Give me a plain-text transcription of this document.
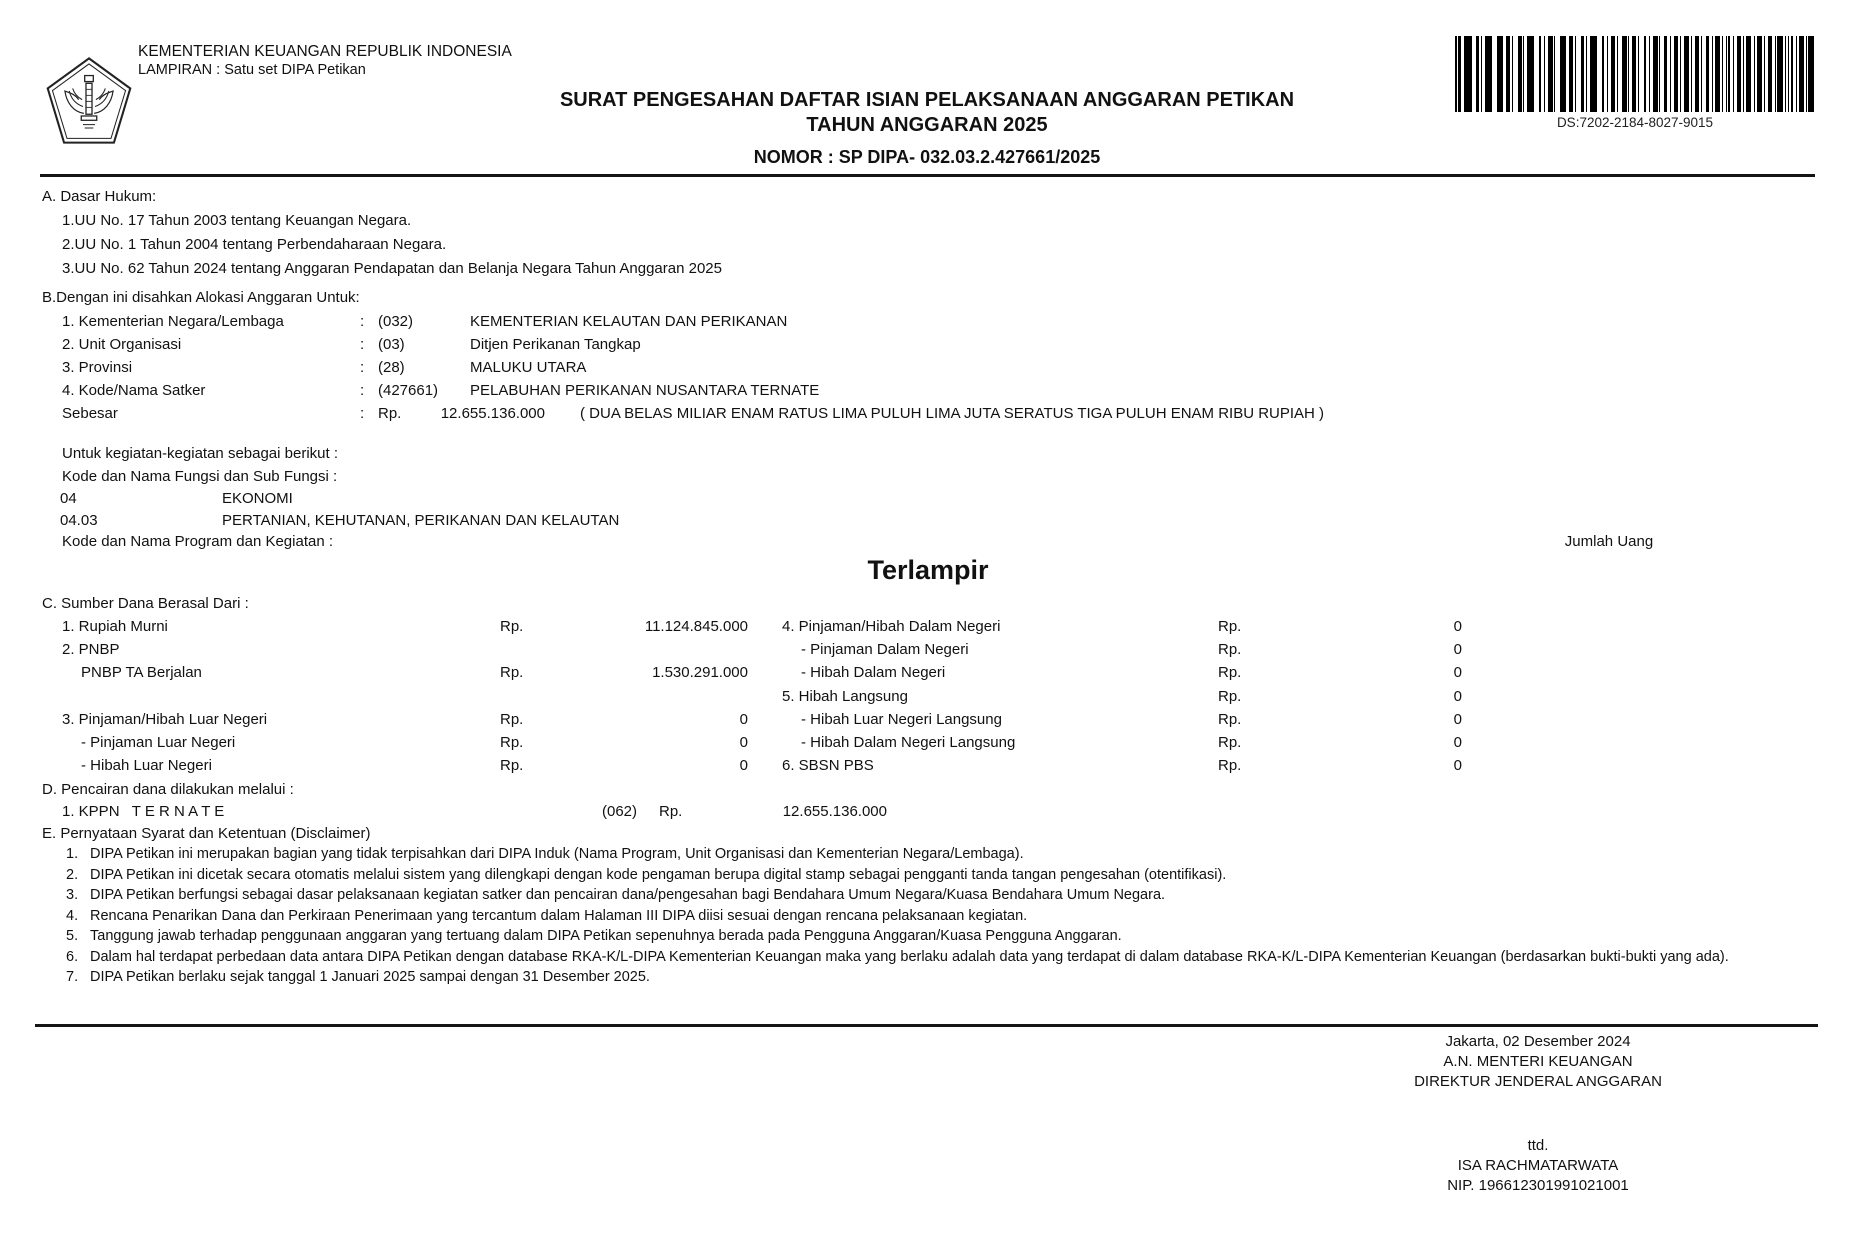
KEMENTERIAN KEUANGAN REPUBLIK INDONESIA
LAMPIRAN : Satu set DIPA Petikan
SURAT PENGESAHAN DAFTAR ISIAN PELAKSANAAN ANGGARAN PETIKAN
TAHUN ANGGARAN 2025
NOMOR : SP DIPA- 032.03.2.427661/2025
DS:7202-2184-8027-9015
A. Dasar Hukum:
1.UU No. 17 Tahun 2003 tentang Keuangan Negara.
2.UU No. 1 Tahun 2004 tentang Perbendaharaan Negara.
3.UU No. 62 Tahun 2024 tentang Anggaran Pendapatan dan Belanja Negara Tahun Anggaran 2025
B.Dengan ini disahkan Alokasi Anggaran Untuk:
1. Kementerian Negara/Lembaga	: (032)	KEMENTERIAN KELAUTAN DAN PERIKANAN
2. Unit Organisasi	: (03)	Ditjen Perikanan Tangkap
3. Provinsi	: (28)	MALUKU UTARA
4. Kode/Nama Satker	: (427661)	PELABUHAN PERIKANAN NUSANTARA TERNATE
Sebesar	: Rp.	12.655.136.000 ( DUA BELAS MILIAR ENAM RATUS LIMA PULUH LIMA JUTA SERATUS TIGA PULUH ENAM RIBU RUPIAH )
Untuk kegiatan-kegiatan sebagai berikut :
Kode dan Nama Fungsi dan Sub Fungsi :
04	EKONOMI
04.03	PERTANIAN, KEHUTANAN, PERIKANAN DAN KELAUTAN
Kode dan Nama Program dan Kegiatan :	Jumlah Uang
Terlampir
C. Sumber Dana Berasal Dari :
1. Rupiah Murni	Rp.	11.124.845.000 4. Pinjaman/Hibah Dalam Negeri	Rp.	0
2. PNBP	- Pinjaman Dalam Negeri	Rp.	0
PNBP TA Berjalan	Rp.	1.530.291.000	- Hibah Dalam Negeri	Rp.	0
5. Hibah Langsung	Rp.	0
3. Pinjaman/Hibah Luar Negeri	Rp.	0	- Hibah Luar Negeri Langsung	Rp.	0
- Pinjaman Luar Negeri	Rp.	0	- Hibah Dalam Negeri Langsung	Rp.	0
- Hibah Luar Negeri	Rp.	0 6. SBSN PBS	Rp.	0
D. Pencairan dana dilakukan melalui :
1. KPPN   T E R N A T E	(062)	Rp.	12.655.136.000
E. Pernyataan Syarat dan Ketentuan (Disclaimer)
1. DIPA Petikan ini merupakan bagian yang tidak terpisahkan dari DIPA Induk (Nama Program, Unit Organisasi dan Kementerian Negara/Lembaga).
2. DIPA Petikan ini dicetak secara otomatis melalui sistem yang dilengkapi dengan kode pengaman berupa digital stamp sebagai pengganti tanda tangan pengesahan (otentifikasi).
3. DIPA Petikan berfungsi sebagai dasar pelaksanaan kegiatan satker dan pencairan dana/pengesahan bagi Bendahara Umum Negara/Kuasa Bendahara Umum Negara.
4. Rencana Penarikan Dana dan Perkiraan Penerimaan yang tercantum dalam Halaman III DIPA diisi sesuai dengan rencana pelaksanaan kegiatan.
5. Tanggung jawab terhadap penggunaan anggaran yang tertuang dalam DIPA Petikan sepenuhnya berada pada Pengguna Anggaran/Kuasa Pengguna Anggaran.
6. Dalam hal terdapat perbedaan data antara DIPA Petikan dengan database RKA-K/L-DIPA Kementerian Keuangan maka yang berlaku adalah data yang terdapat di dalam database RKA-K/L-DIPA Kementerian Keuangan (berdasarkan bukti-bukti yang ada).
7. DIPA Petikan berlaku sejak tanggal 1 Januari 2025 sampai dengan 31 Desember 2025.
Jakarta, 02 Desember 2024
A.N. MENTERI KEUANGAN
DIREKTUR JENDERAL ANGGARAN
ttd.
ISA RACHMATARWATA
NIP. 196612301991021001
